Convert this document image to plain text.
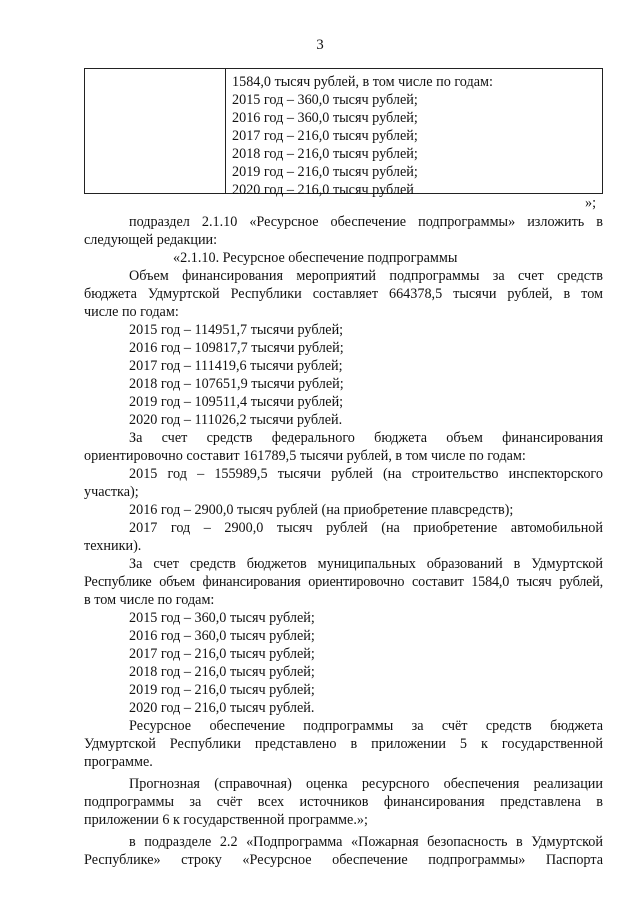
3
1584,0 тысяч рублей, в том числе по годам:
2015 год – 360,0 тысяч рублей;
2016 год – 360,0 тысяч рублей;
2017 год – 216,0 тысяч рублей;
2018 год – 216,0 тысяч рублей;
2019 год – 216,0 тысяч рублей;
2020 год – 216,0 тысяч рублей
»;
подраздел 2.1.10 «Ресурсное обеспечение подпрограммы» изложить в
следующей редакции:
«2.1.10. Ресурсное обеспечение подпрограммы
Объем финансирования мероприятий подпрограммы за счет средств
бюджета Удмуртской Республики составляет 664378,5 тысячи рублей, в том
числе по годам:
2015 год – 114951,7 тысячи рублей;
2016 год – 109817,7 тысячи рублей;
2017 год – 111419,6 тысячи рублей;
2018 год – 107651,9 тысячи рублей;
2019 год – 109511,4 тысячи рублей;
2020 год – 111026,2 тысячи рублей.
За счет средств федерального бюджета объем финансирования
ориентировочно составит 161789,5 тысячи рублей, в том числе по годам:
2015 год – 155989,5 тысячи рублей (на строительство инспекторского
участка);
2016 год – 2900,0 тысяч рублей (на приобретение плавсредств);
2017 год – 2900,0 тысяч рублей (на приобретение автомобильной
техники).
За счет средств бюджетов муниципальных образований в Удмуртской
Республике объем финансирования ориентировочно составит 1584,0 тысяч рублей,
в том числе по годам:
2015 год – 360,0 тысяч рублей;
2016 год – 360,0 тысяч рублей;
2017 год – 216,0 тысяч рублей;
2018 год – 216,0 тысяч рублей;
2019 год – 216,0 тысяч рублей;
2020 год – 216,0 тысяч рублей.
Ресурсное обеспечение подпрограммы за счёт средств бюджета
Удмуртской Республики представлено в приложении 5 к государственной
программе.
Прогнозная (справочная) оценка ресурсного обеспечения реализации
подпрограммы за счёт всех источников финансирования представлена в
приложении 6 к государственной программе.»;
в подразделе 2.2 «Подпрограмма «Пожарная безопасность в Удмуртской
Республике» строку «Ресурсное обеспечение подпрограммы» Паспорта
